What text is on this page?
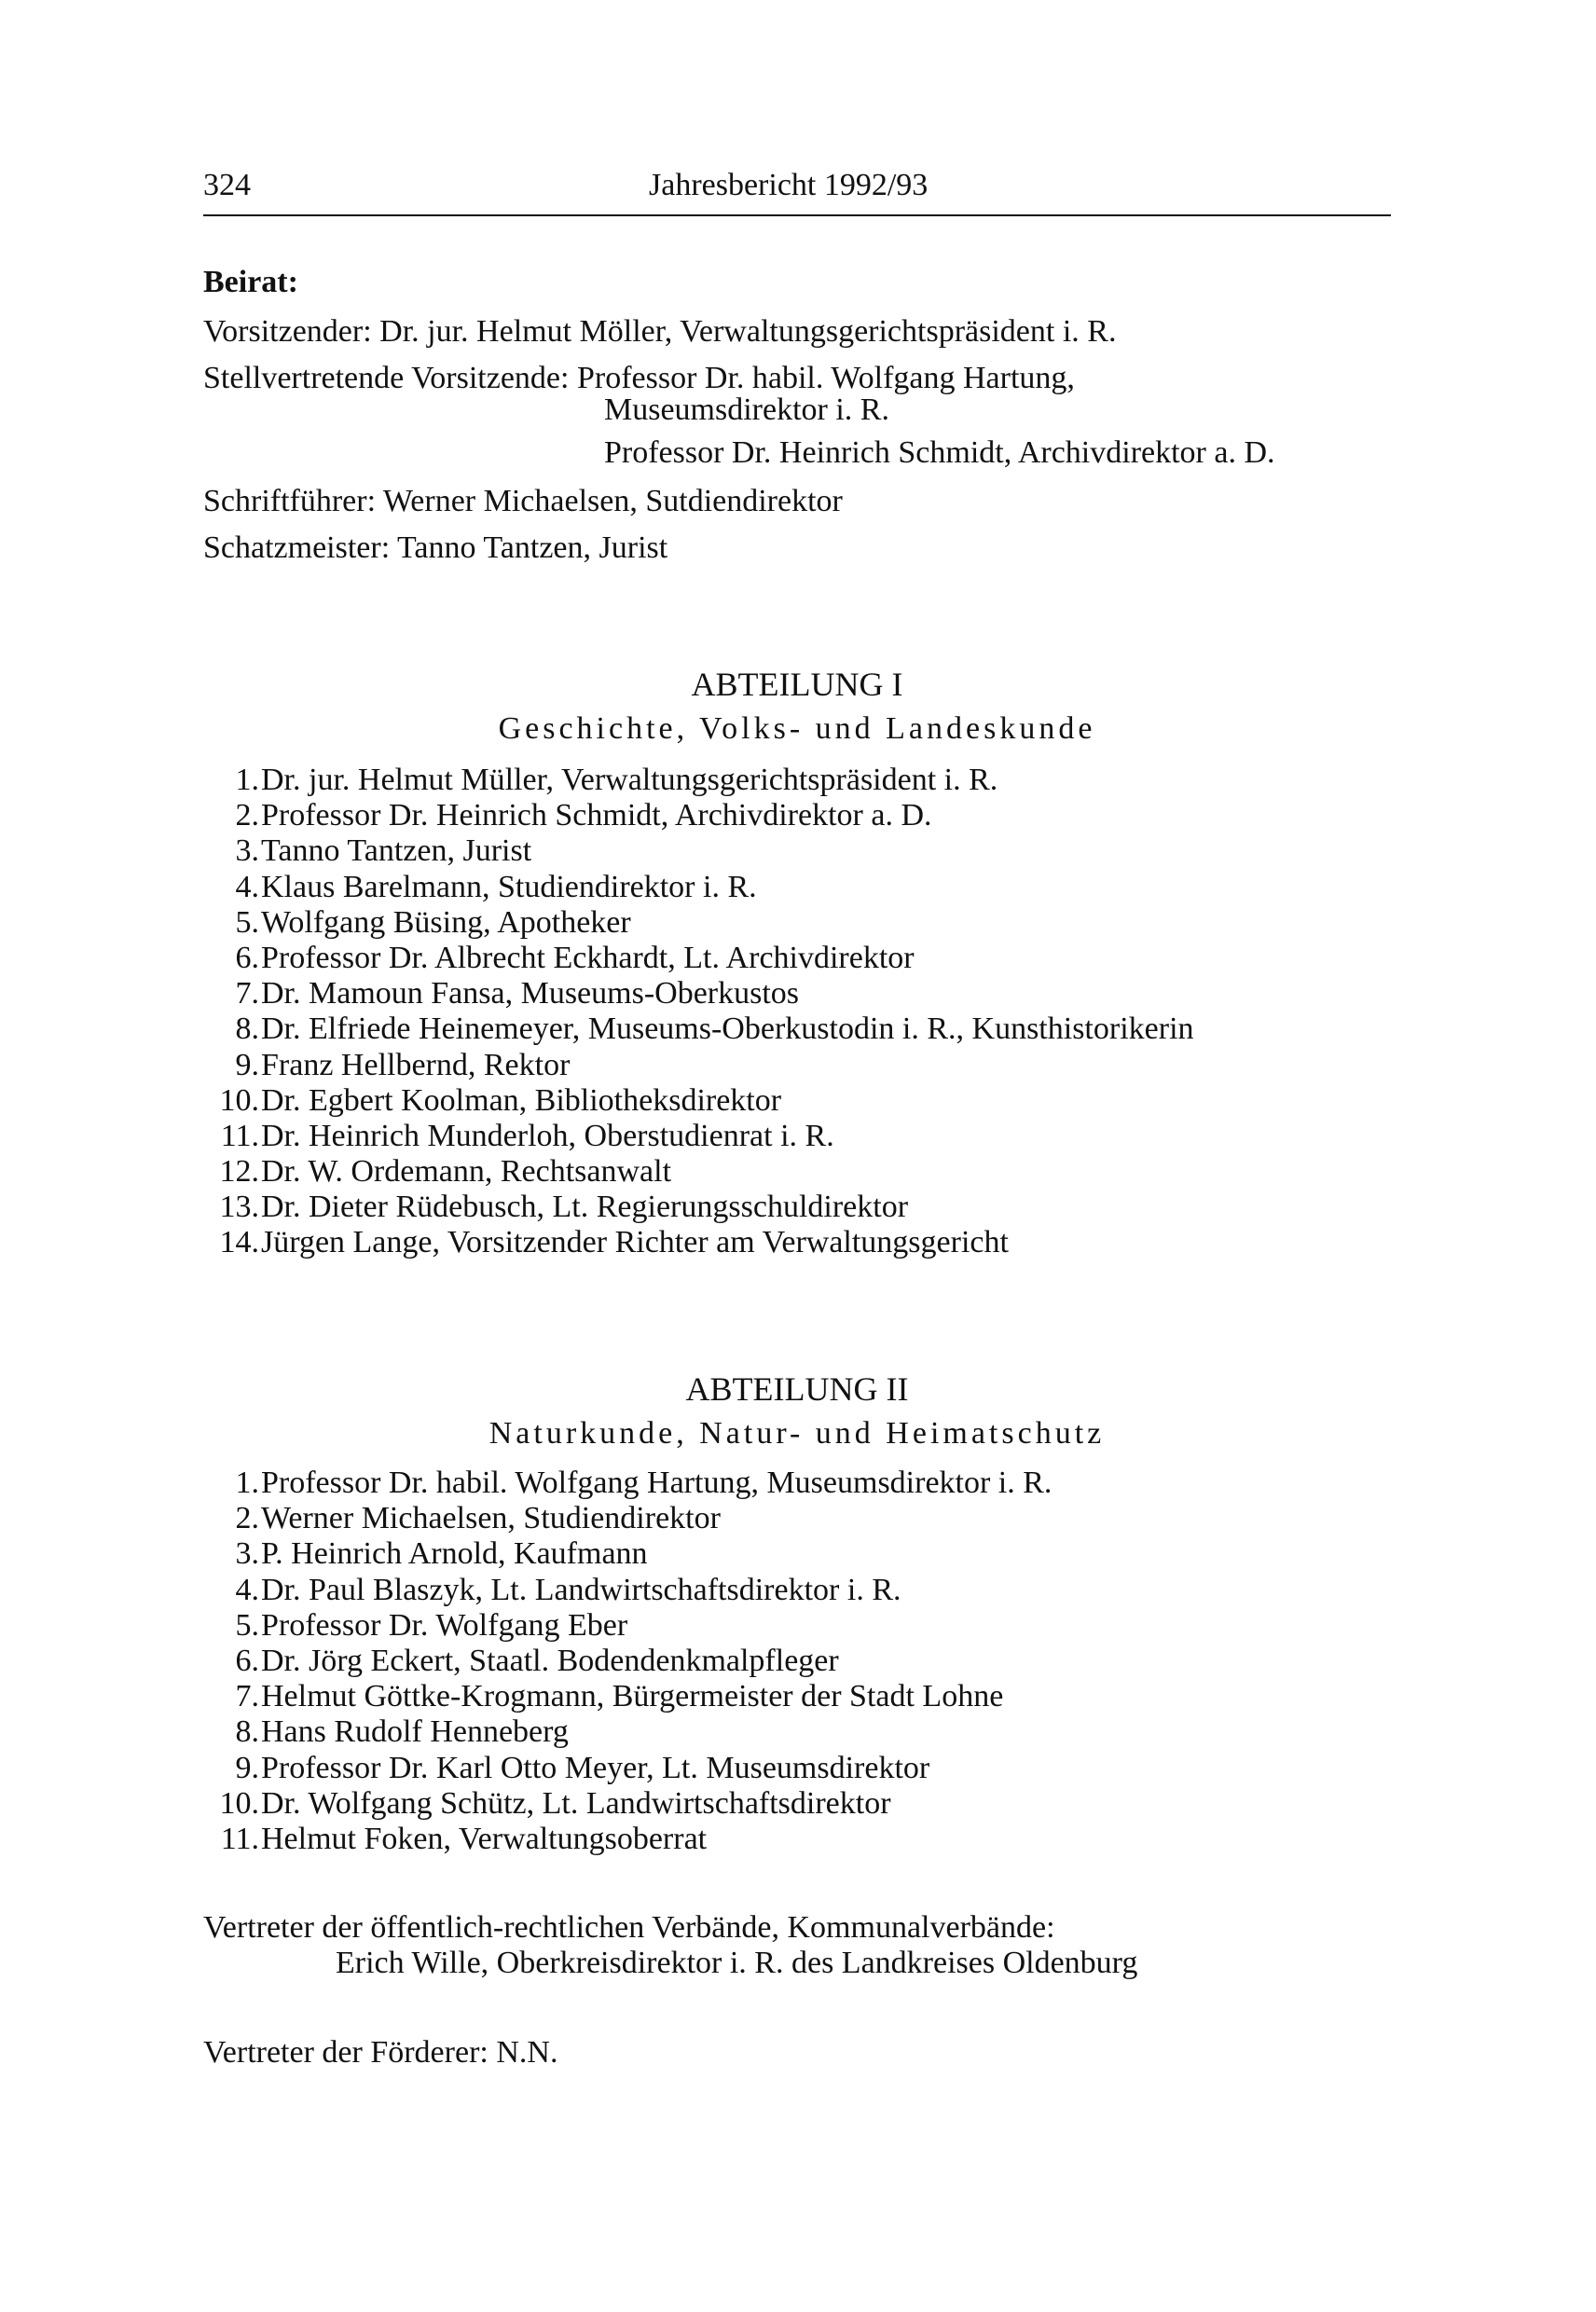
324	Jahresbericht 1992/93
Beirat:
Vorsitzender: Dr. jur. Helmut Möller, Verwaltungsgerichtspräsident i. R.
Stellvertretende Vorsitzende: Professor Dr. habil. Wolfgang Hartung,
Museumsdirektor i. R.
Professor Dr. Heinrich Schmidt, Archivdirektor a. D.
Schriftführer: Werner Michaelsen, Sutdiendirektor
Schatzmeister: Tanno Tantzen, Jurist
ABTEILUNG I
Geschichte, Volks- und Landeskunde
1. Dr. jur. Helmut Müller, Verwaltungsgerichtspräsident i. R.
2. Professor Dr. Heinrich Schmidt, Archivdirektor a. D.
3. Tanno Tantzen, Jurist
4. Klaus Barelmann, Studiendirektor i. R.
5. Wolfgang Büsing, Apotheker
6. Professor Dr. Albrecht Eckhardt, Lt. Archivdirektor
7. Dr. Mamoun Fansa, Museums-Oberkustos
8. Dr. Elfriede Heinemeyer, Museums-Oberkustodin i. R., Kunsthistorikerin
9. Franz Hellbernd, Rektor
10. Dr. Egbert Koolman, Bibliotheksdirektor
11. Dr. Heinrich Munderloh, Oberstudienrat i. R.
12. Dr. W. Ordemann, Rechtsanwalt
13. Dr. Dieter Rüdebusch, Lt. Regierungsschuldirektor
14. Jürgen Lange, Vorsitzender Richter am Verwaltungsgericht
ABTEILUNG II
Naturkunde, Natur- und Heimatschutz
1. Professor Dr. habil. Wolfgang Hartung, Museumsdirektor i. R.
2. Werner Michaelsen, Studiendirektor
3. P. Heinrich Arnold, Kaufmann
4. Dr. Paul Blaszyk, Lt. Landwirtschaftsdirektor i. R.
5. Professor Dr. Wolfgang Eber
6. Dr. Jörg Eckert, Staatl. Bodendenkmalpfleger
7. Helmut Göttke-Krogmann, Bürgermeister der Stadt Lohne
8. Hans Rudolf Henneberg
9. Professor Dr. Karl Otto Meyer, Lt. Museumsdirektor
10. Dr. Wolfgang Schütz, Lt. Landwirtschaftsdirektor
11. Helmut Foken, Verwaltungsoberrat
Vertreter der öffentlich-rechtlichen Verbände, Kommunalverbände:
Erich Wille, Oberkreisdirektor i. R. des Landkreises Oldenburg
Vertreter der Förderer: N.N.
